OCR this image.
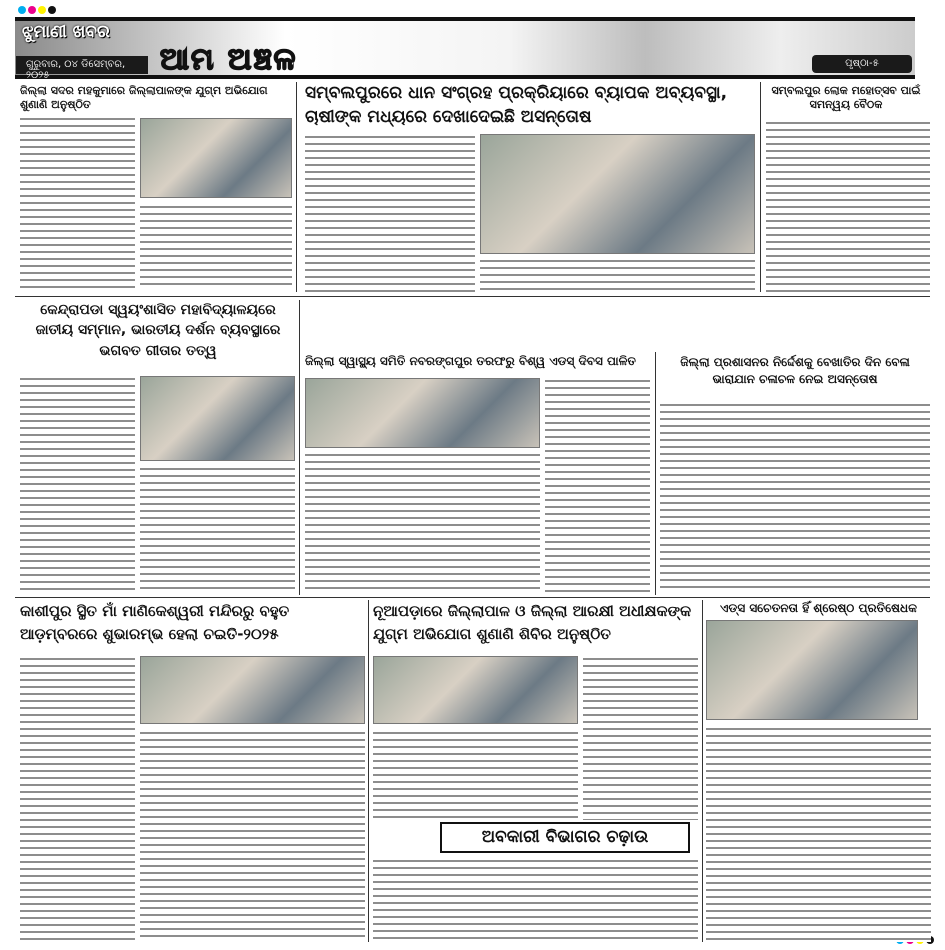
ଝୁମାଣୀ ଖବର
ଗୁରୁବାର, ୦୪ ଡିସେମ୍ବର, ୨୦୨୫	ଆମ ଅଞ୍ଚଳ	ପୃଷ୍ଠା-୫
ଜିଲ୍ଲା ସଦର ମହକୁମାରେ ଜିଲ୍ଲାପାଳଙ୍କ ଯୁଗ୍ମ ଅଭିଯୋଗ ଶୁଣାଣି ଅନୁଷ୍ଠିତ
ସମ୍ବଲପୁରରେ ଧାନ ସଂଗ୍ରହ ପ୍ରକ୍ରିୟାରେ ବ୍ୟାପକ ଅବ୍ୟବସ୍ଥା, ଚାଷୀଙ୍କ ମଧ୍ୟରେ ଦେଖାଦେଇଛି ଅସନ୍ତୋଷ
ସମ୍ବଲପୁର ଲୋକ ମହୋତ୍ସବ ପାଇଁ ସମନ୍ୱୟ ବୈଠକ
କେନ୍ଦ୍ରାପଡା ସ୍ୱୟଂଶାସିତ ମହାବିଦ୍ୟାଳୟରେ ଜାତୀୟ ସମ୍ମାନ, ଭାରତୀୟ ଦର୍ଶନ ବ୍ୟବସ୍ଥାରେ ଭଗବତ ଗୀତାର ତତ୍ୱ
ଜିଲ୍ଲା ସ୍ୱାସ୍ଥ୍ୟ ସମିତି ନବରଙ୍ଗପୁର ତରଫରୁ ବିଶ୍ୱ ଏଡସ୍ ଦିବସ ପାଳିତ	ଜିଲ୍ଲା ପ୍ରଶାସନର ନିର୍ଦ୍ଦେଶକୁ ବେଖାତିର ଦିନ ବେଳା ଭାରାଯାନ ଚଳାଚଳ ନେଇ ଅସନ୍ତୋଷ
କାଶୀପୁର ସ୍ଥିତ ମାଁ ମାଣିକେଶ୍ୱରୀ ମନ୍ଦିରରୁ ବହୁତ ଆଡ଼ମ୍ବରରେ ଶୁଭାରମ୍ଭ ହେଲା ଚଇତି-୨୦୨୫
ନୂଆପଡ଼ାରେ ଜିଲ୍ଲାପାଳ ଓ ଜିଲ୍ଲା ଆରକ୍ଷୀ ଅଧୀକ୍ଷକଙ୍କ ଯୁଗ୍ମ ଅଭିଯୋଗ ଶୁଣାଣି ଶିବିର ଅନୁଷ୍ଠିତ
ଅବକାରୀ ବିଭାଗର ଚଢ଼ାଉ
ଏଡ୍ସ ସଚେତନତା ହିଁ ଶ୍ରେଷ୍ଠ ପ୍ରତିଷେଧକ
